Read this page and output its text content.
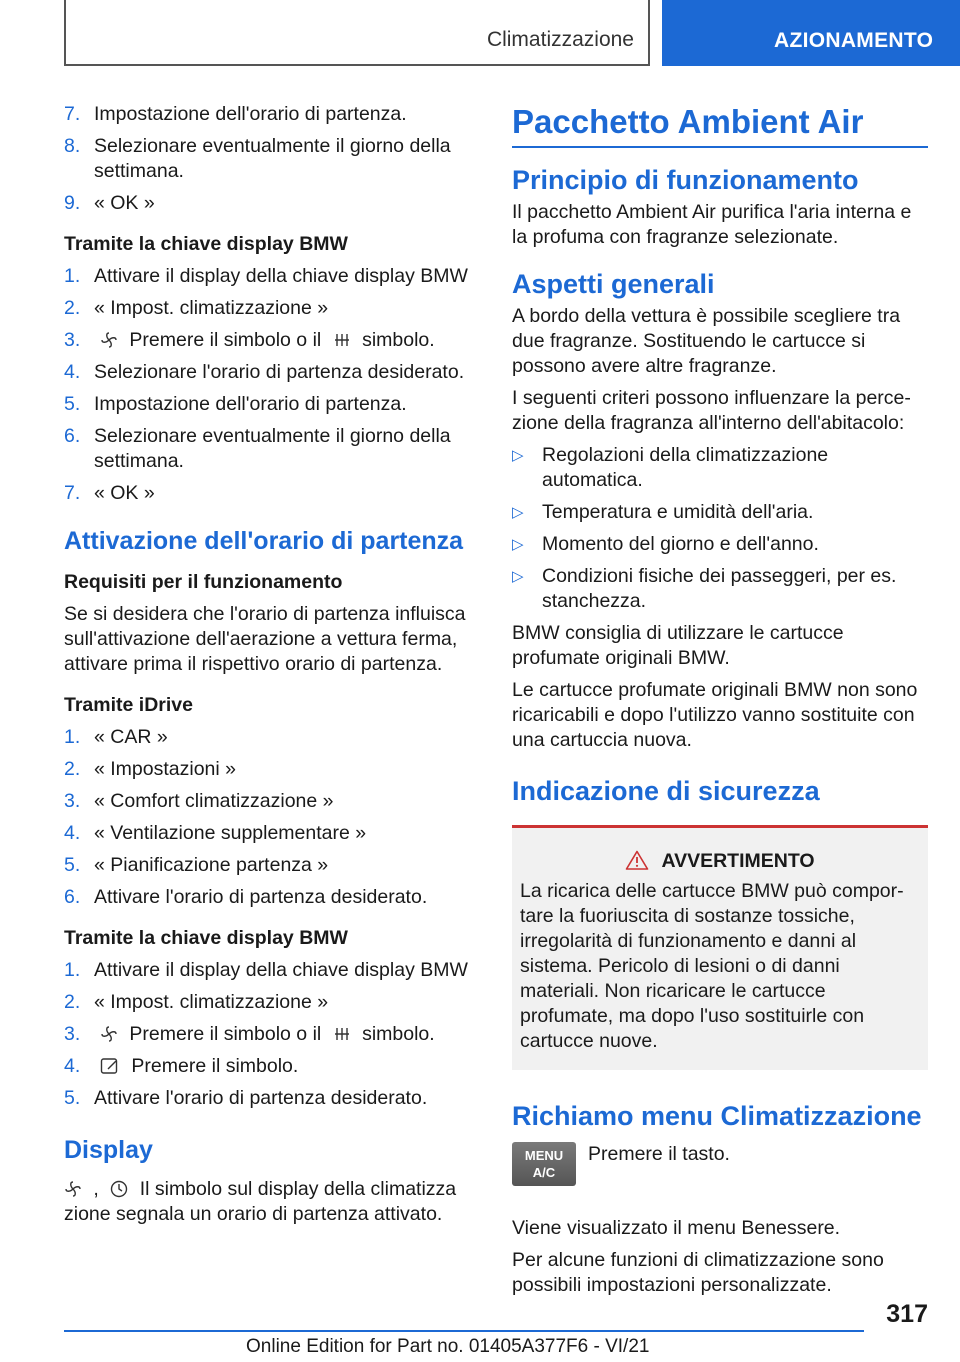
Climatizzazione	AZIONAMENTO
7. Impostazione dell'orario di partenza.
8. Selezionare eventualmente il giorno della settimana.
9. « OK »
Tramite la chiave display BMW
1. Attivare il display della chiave display BMW
2. « Impost. climatizzazione »
3.	Premere il simbolo o il simbolo.
4. Selezionare l'orario di partenza desiderato.
5. Impostazione dell'orario di partenza.
6. Selezionare eventualmente il giorno della settimana.
7. « OK »
Attivazione dell'orario di partenza
Requisiti per il funzionamento

Se si desidera che l'orario di partenza influisca sull'attivazione dell'aerazione a vettura ferma, attivare prima il rispettivo orario di partenza.

Tramite iDrive
1. « CAR »
2. « Impostazioni »
3. « Comfort climatizzazione »
4. « Ventilazione supplementare »
5. « Pianificazione partenza »
6. Attivare l'orario di partenza desiderato.
Tramite la chiave display BMW
1. Attivare il display della chiave display BMW
2. « Impost. climatizzazione »
3.	Premere il simbolo o il simbolo.
4.	Premere il simbolo.
5. Attivare l'orario di partenza desiderato.
Display

, Il simbolo sul display della climatizza
zione segnala un orario di partenza attivato.

Pacchetto Ambient Air
Principio di funzionamento

Il pacchetto Ambient Air purifica l'aria interna e la profuma con fragranze selezionate.

Aspetti generali

A bordo della vettura è possibile scegliere tra due fragranze. Sostituendo le cartucce si possono avere altre fragranze.

I seguenti criteri possono influenzare la percezione della fragranza all'interno dell'abitacolo:

▷ Regolazioni della climatizzazione automatica.
▷ Temperatura e umidità dell'aria.
▷ Momento del giorno e dell'anno.
▷ Condizioni fisiche dei passeggeri, per es. stanchezza.

BMW consiglia di utilizzare le cartucce profumate originali BMW.

Le cartucce profumate originali BMW non sono ricaricabili e dopo l'utilizzo vanno sostituite con una cartuccia nuova.

Indicazione di sicurezza
AVVERTIMENTO

La ricarica delle cartucce BMW può comportare la fuoriuscita di sostanze tossiche, irregolarità di funzionamento e danni al sistema. Pericolo di lesioni o di danni materiali. Non ricaricare le cartucce profumate, ma dopo l'uso sostituirle con cartucce nuove.

Richiamo menu Climatizzazione
MENU
A/C
Premere il tasto.

Viene visualizzato il menu Benessere.

Per alcune funzioni di climatizzazione sono possibili impostazioni personalizzate.

317
Online Edition for Part no. 01405A377F6 - VI/21
